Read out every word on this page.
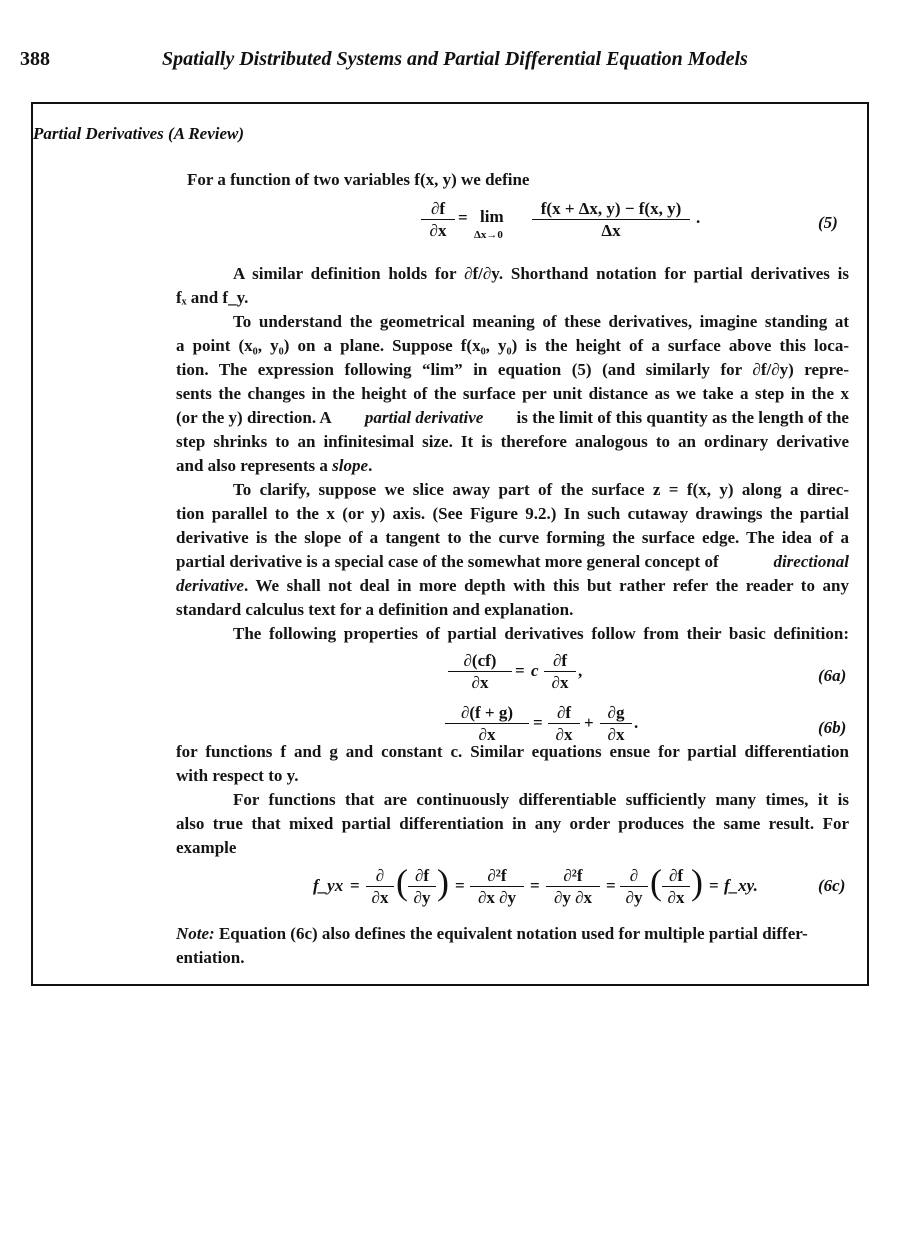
388	Spatially Distributed Systems and Partial Differential Equation Models
Partial Derivatives (A Review)
For a function of two variables f(x, y) we define
$\frac{\partial f}{\partial x} = \lim$
$\Delta x\to 0 \frac{f(x + \Delta x, y) - f(x, y)}{\Delta x}$ .	(5)
A similar definition holds for ∂f/∂y. Shorthand notation for partial derivatives is
fₓ and f_y.
To understand the geometrical meaning of these derivatives, imagine standing at
a point (x₀, y₀) on a plane. Suppose f(x₀, y₀) is the height of a surface above this loca-
tion. The expression following “lim” in equation (5) (and similarly for ∂f/∂y) repre-
sents the changes in the height of the surface per unit distance as we take a step in the x
(or the y) direction. A partial derivative is the limit of this quantity as the length of the
step shrinks to an infinitesimal size. It is therefore analogous to an ordinary derivative
and also represents a slope.
To clarify, suppose we slice away part of the surface z = f(x, y) along a direc-
tion parallel to the x (or y) axis. (See Figure 9.2.) In such cutaway drawings the partial
derivative is the slope of a tangent to the curve forming the surface edge. The idea of a
partial derivative is a special case of the somewhat more general concept of	directional
derivative . We shall not deal in more depth with this but rather refer the reader to any
standard calculus text for a definition and explanation.
The following properties of partial derivatives follow from their basic definition:
$\frac{\partial(cf)}{\partial x} = c \frac{\partial f}{\partial x}$ ,	(6a)
$\frac{\partial(f + g)}{\partial x} = \frac{\partial f}{\partial x} + \frac{\partial g}{\partial x}$ .	(6b)
for functions f and g and constant c. Similar equations ensue for partial differentiation
with respect to y.
For functions that are continuously differentiable sufficiently many times, it is
also true that mixed partial differentiation in any order produces the same result. For
example
f_yx =
∂
∂x ( $\frac{\partial f}{\partial y}$ ) = $\frac{\text{∂²f}}{\partial x \partial y} = \frac{\text{∂²f}}{\partial y \partial x}$ =
∂
∂y ( $\frac{\partial f}{\partial x}$ ) = f_xy.	(6c)
Note: Equation (6c) also defines the equivalent notation used for multiple partial differ-
entiation.
